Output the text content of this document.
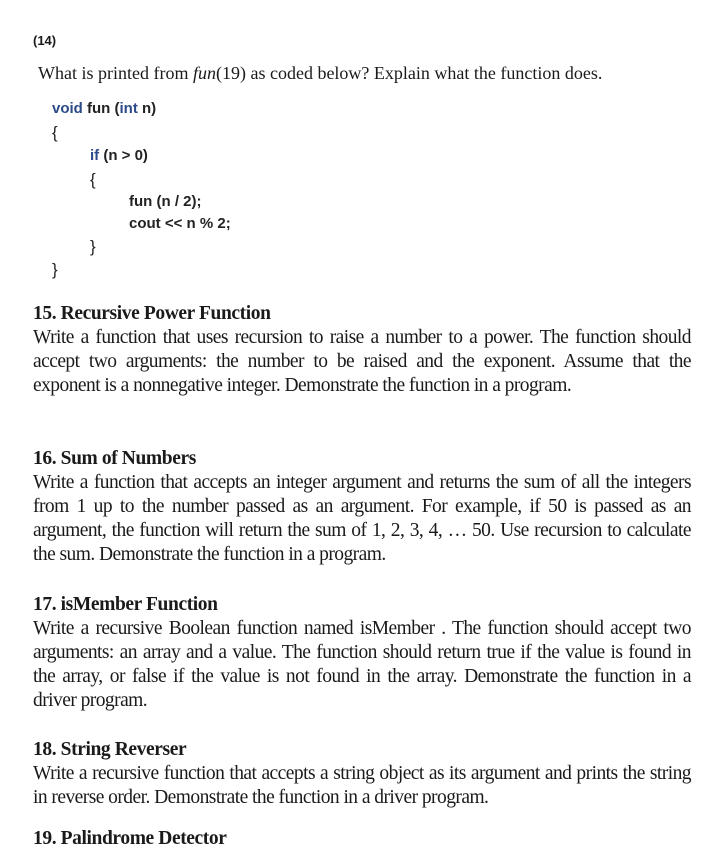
(14)
What is printed from fun(19) as coded below? Explain what the function does.
void fun (int n)
{
if (n > 0)
{
fun (n / 2);
cout << n % 2;
}
}
15. Recursive Power Function
Write a function that uses recursion to raise a number to a power. The function should accept two arguments: the number to be raised and the exponent. Assume that the exponent is a nonnegative integer. Demonstrate the function in a program.
16. Sum of Numbers
Write a function that accepts an integer argument and returns the sum of all the integers from 1 up to the number passed as an argument. For example, if 50 is passed as an argument, the function will return the sum of 1, 2, 3, 4, … 50. Use recursion to calculate the sum. Demonstrate the function in a program.
17. isMember Function
Write a recursive Boolean function named isMember . The function should accept two arguments: an array and a value. The function should return true if the value is found in the array, or false if the value is not found in the array. Demonstrate the function in a driver program.
18. String Reverser
Write a recursive function that accepts a string object as its argument and prints the string in reverse order. Demonstrate the function in a driver program.
19. Palindrome Detector
